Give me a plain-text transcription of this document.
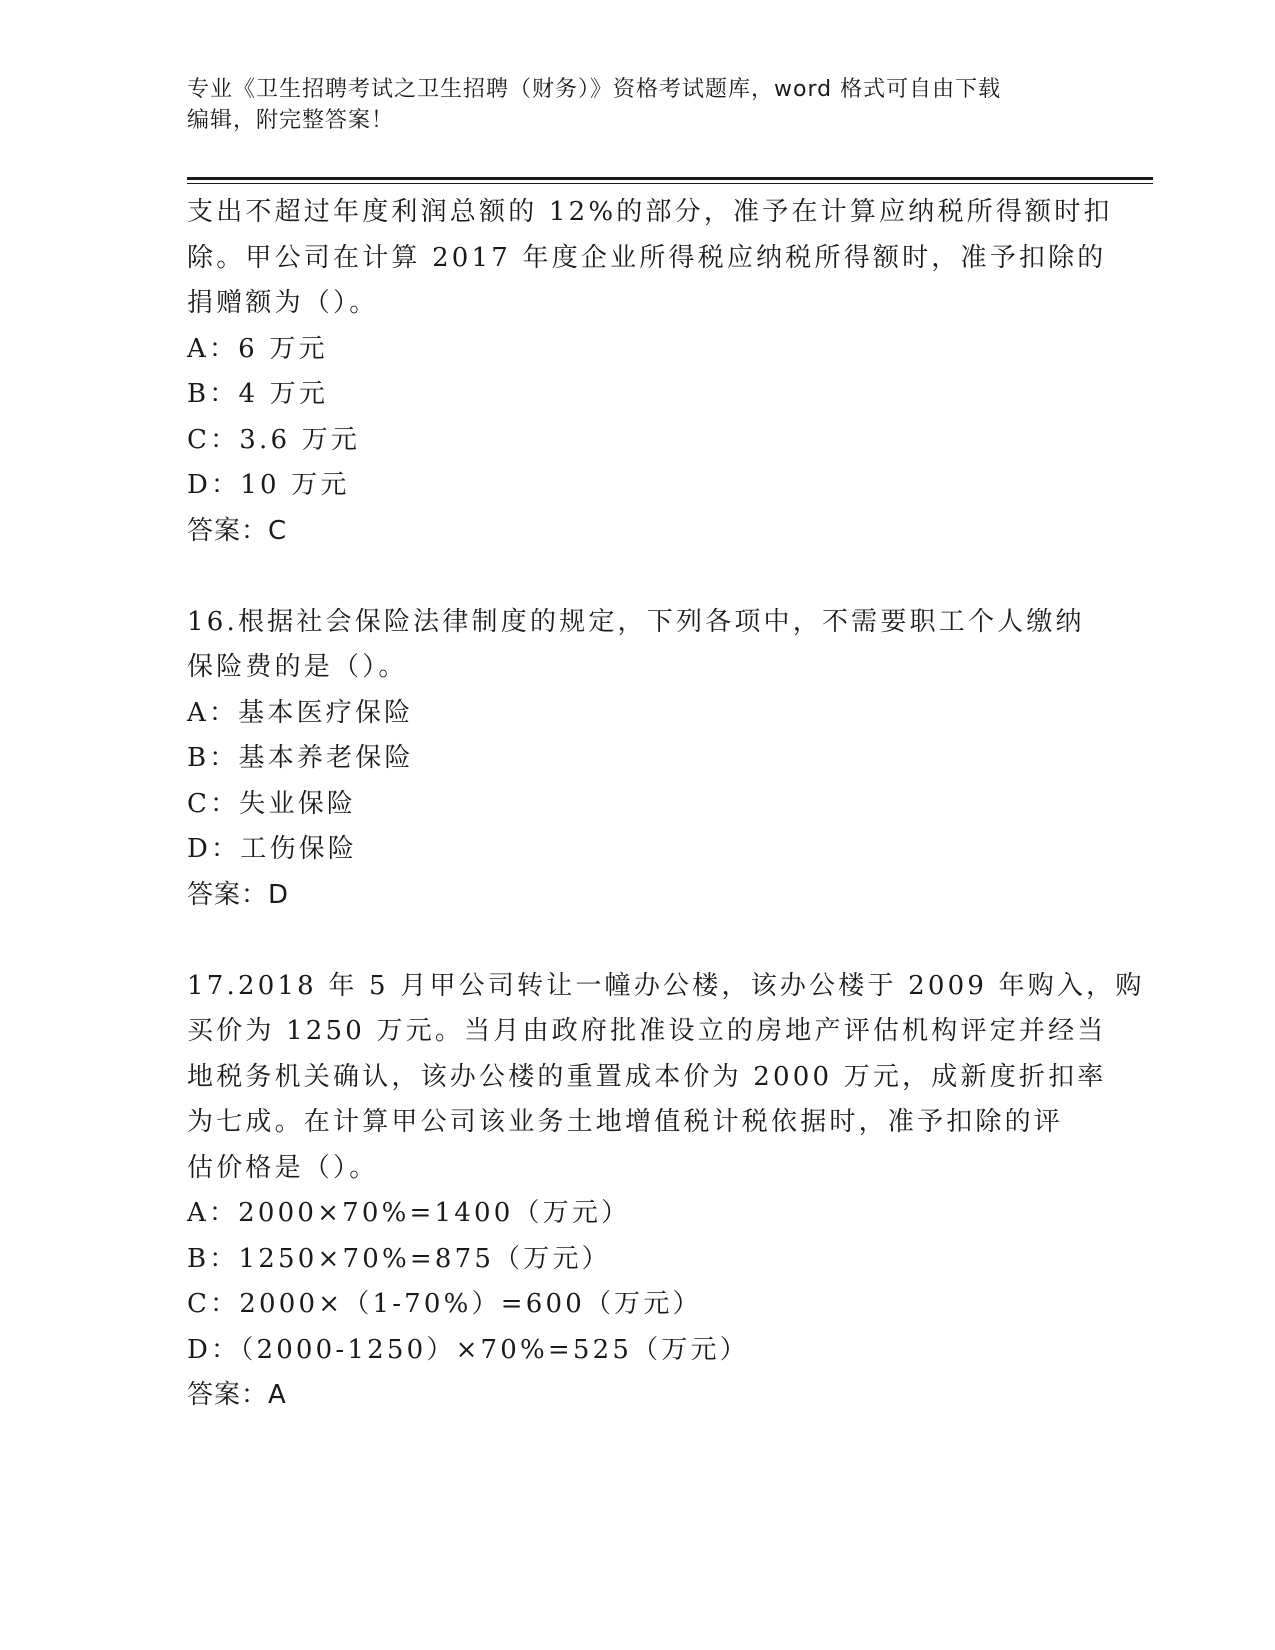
专业《卫生招聘考试之卫生招聘（财务）》资格考试题库，word 格式可自由下载
编辑，附完整答案！
支出不超过年度利润总额的 12%的部分，准予在计算应纳税所得额时扣
除。甲公司在计算 2017 年度企业所得税应纳税所得额时，准予扣除的
捐赠额为（）。
A：6 万元
B：4 万元
C：3.6 万元
D：10 万元
答案：C
16.根据社会保险法律制度的规定，下列各项中，不需要职工个人缴纳
保险费的是（）。
A：基本医疗保险
B：基本养老保险
C：失业保险
D：工伤保险
答案：D
17.2018 年 5 月甲公司转让一幢办公楼，该办公楼于 2009 年购入，购
买价为 1250 万元。当月由政府批准设立的房地产评估机构评定并经当
地税务机关确认，该办公楼的重置成本价为 2000 万元，成新度折扣率
为七成。在计算甲公司该业务土地增值税计税依据时，准予扣除的评
估价格是（）。
A：2000×70%=1400（万元）
B：1250×70%=875（万元）
C：2000×（1-70%）=600（万元）
D：（2000-1250）×70%=525（万元）
答案：A
